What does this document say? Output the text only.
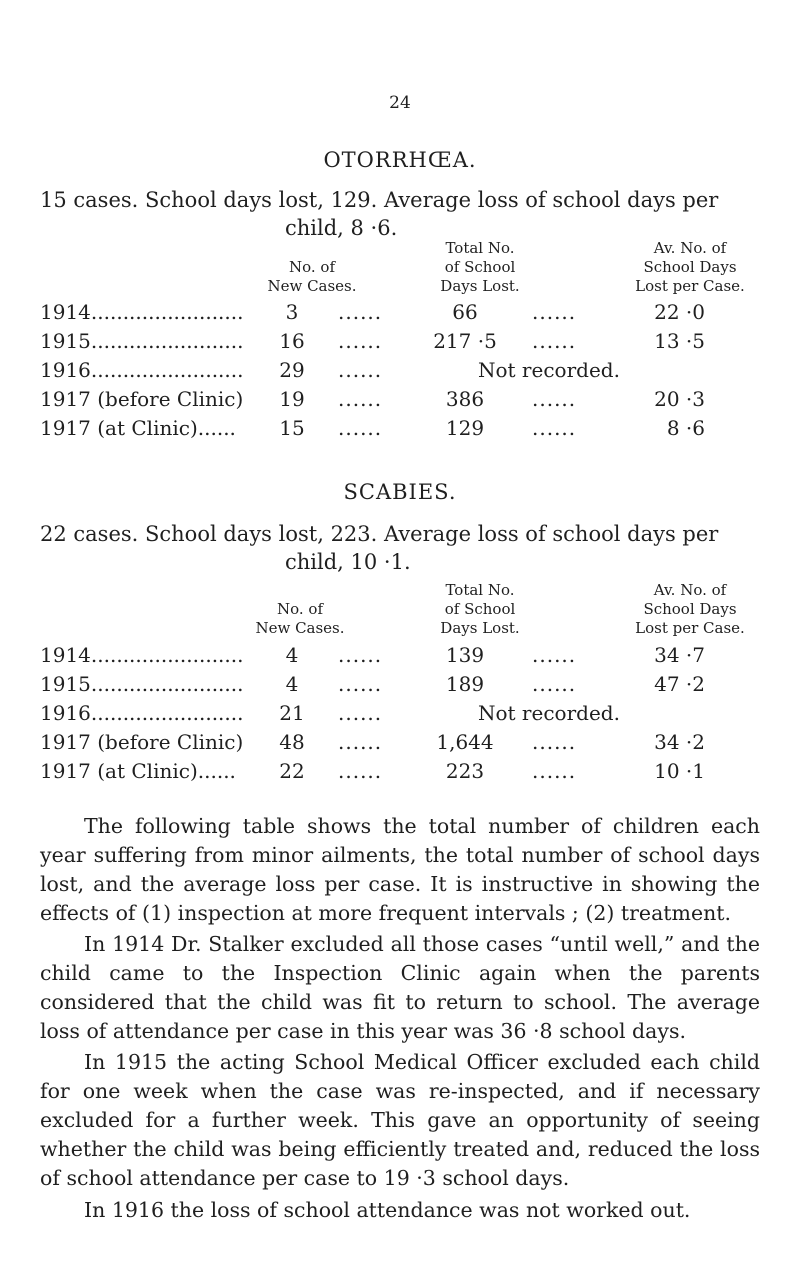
24
OTORRHŒA.
15 cases. School days lost, 129. Average loss of school days per
child, 8 ·6.
No. of
New Cases.
Total No.
of School
Days Lost.
Av. No. of
School Days
Lost per Case.
1914........................	3	......	66	......	22 ·0
1915........................	16	......	217 ·5	......	13 ·5
1916........................	29	......	Not recorded.
1917 (before Clinic)	19	......	386	......	20 ·3
1917 (at Clinic)......	15	......	129	......	8 ·6
SCABIES.
22 cases. School days lost, 223. Average loss of school days per
child, 10 ·1.
No. of
New Cases.
Total No.
of School
Days Lost.
Av. No. of
School Days
Lost per Case.
1914........................	4	......	139	......	34 ·7
1915........................	4	......	189	......	47 ·2
1916........................	21	......	Not recorded.
1917 (before Clinic)	48	......	1,644	......	34 ·2
1917 (at Clinic)......	22	......	223	......	10 ·1
The following table shows the total number of children each year suffering from minor ailments, the total number of school days lost, and the average loss per case. It is instructive in showing the effects of (1) inspection at more frequent intervals ; (2) treatment.
In 1914 Dr. Stalker excluded all those cases “until well,” and the child came to the Inspection Clinic again when the parents considered that the child was fit to return to school. The average loss of attendance per case in this year was 36 ·8 school days.
In 1915 the acting School Medical Officer excluded each child for one week when the case was re-inspected, and if necessary excluded for a further week. This gave an opportunity of seeing whether the child was being efficiently treated and, reduced the loss of school attendance per case to 19 ·3 school days.
In 1916 the loss of school attendance was not worked out.
